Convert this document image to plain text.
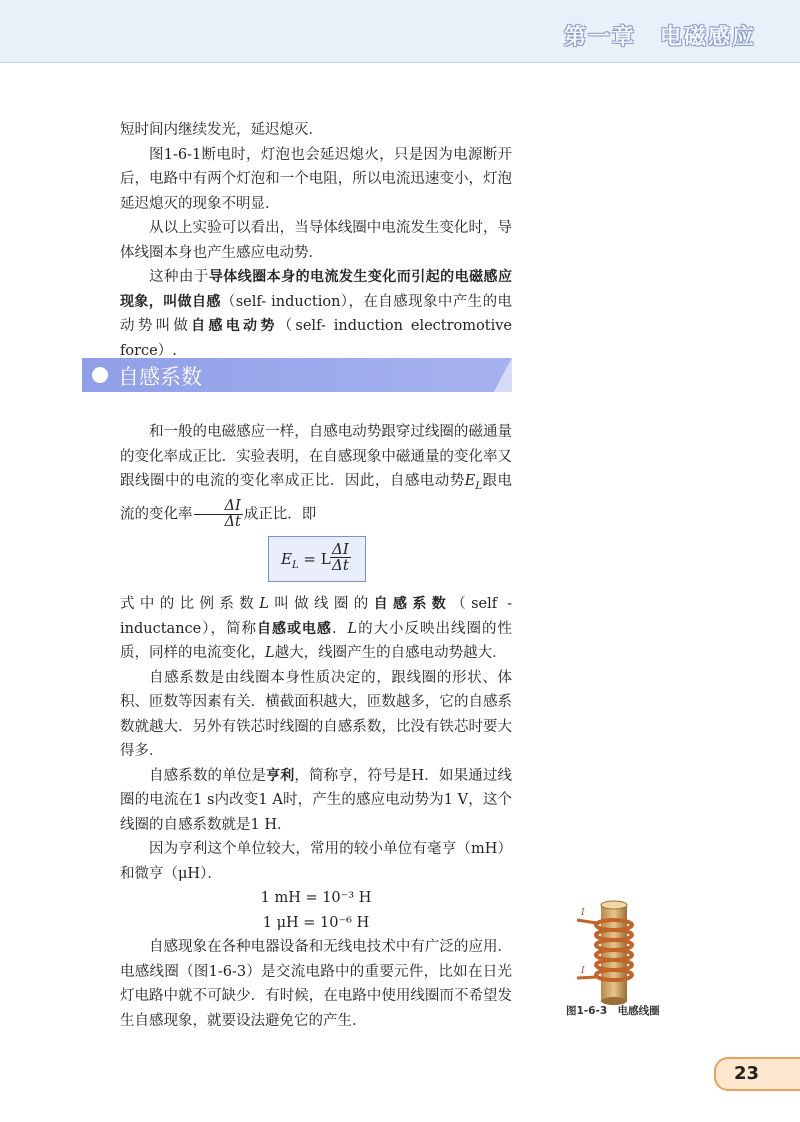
第一章　电磁感应

短时间内继续发光，延迟熄灭．

图1-6-1断电时，灯泡也会延迟熄火，只是因为电源断开后，电路中有两个灯泡和一个电阻，所以电流迅速变小，灯泡延迟熄灭的现象不明显．

从以上实验可以看出，当导体线圈中电流发生变化时，导体线圈本身也产生感应电动势．

这种由于导体线圈本身的电流发生变化而引起的电磁感应现象，叫做自感（self- induction），在自感现象中产生的电动势叫做自感电动势（self- induction electromotive force）.

自感系数

和一般的电磁感应一样，自感电动势跟穿过线圈的磁通量的变化率成正比．实验表明，在自感现象中磁通量的变化率又跟线圈中的电流的变化率成正比．因此，自感电动势$E_L$跟电流的变化率 $\frac{\Delta I}{\Delta t}$ 成正比．即

$E_L = L \frac{\Delta I}{\Delta t}$

式中的比例系数L叫做线圈的自感系数（self -inductance），简称自感或电感．L的大小反映出线圈的性质，同样的电流变化，L越大，线圈产生的自感电动势越大．

自感系数是由线圈本身性质决定的，跟线圈的形状、体积、匝数等因素有关．横截面积越大，匝数越多，它的自感系数就越大．另外有铁芯时线圈的自感系数，比没有铁芯时要大得多．

自感系数的单位是亨利，简称亨，符号是H．如果通过线圈的电流在1 s内改变1 A时，产生的感应电动势为1 V，这个线圈的自感系数就是1 H．

因为亨利这个单位较大，常用的较小单位有毫亨（mH）和微亨（μH）．

1 mH = 10⁻³ H

1 μH = 10⁻⁶ H

自感现象在各种电器设备和无线电技术中有广泛的应用．电感线圈（图1-6-3）是交流电路中的重要元件，比如在日光灯电路中就不可缺少．有时候，在电路中使用线圈而不希望发生自感现象，就要设法避免它的产生．

I
I
图1-6-3　电感线圈
23
